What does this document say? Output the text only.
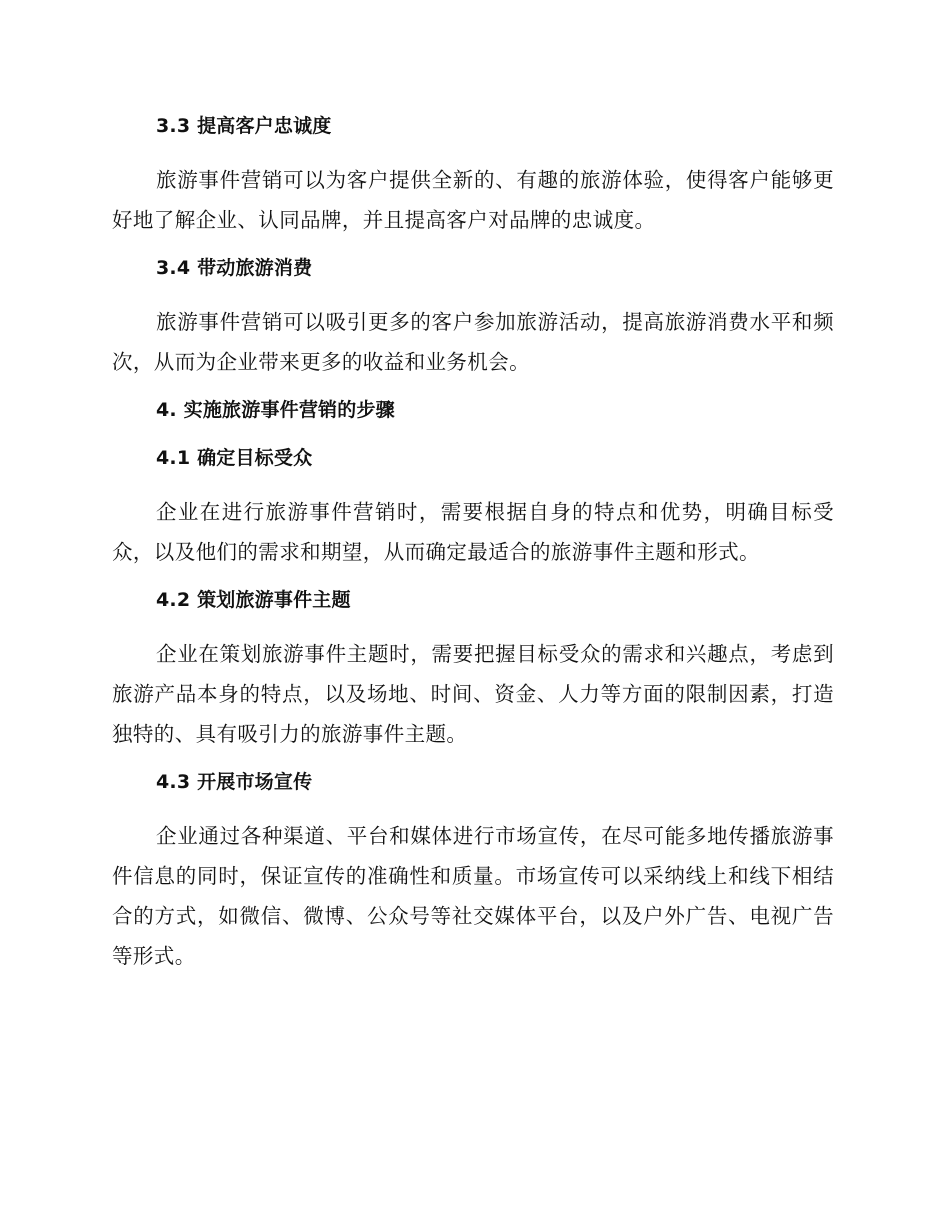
3.3 提高客户忠诚度

旅游事件营销可以为客户提供全新的、有趣的旅游体验，使得客户能够更好地了解企业、认同品牌，并且提高客户对品牌的忠诚度。

3.4 带动旅游消费

旅游事件营销可以吸引更多的客户参加旅游活动，提高旅游消费水平和频次，从而为企业带来更多的收益和业务机会。

4. 实施旅游事件营销的步骤
4.1 确定目标受众

企业在进行旅游事件营销时，需要根据自身的特点和优势，明确目标受众，以及他们的需求和期望，从而确定最适合的旅游事件主题和形式。

4.2 策划旅游事件主题

企业在策划旅游事件主题时，需要把握目标受众的需求和兴趣点，考虑到旅游产品本身的特点，以及场地、时间、资金、人力等方面的限制因素，打造独特的、具有吸引力的旅游事件主题。

4.3 开展市场宣传

企业通过各种渠道、平台和媒体进行市场宣传，在尽可能多地传播旅游事件信息的同时，保证宣传的准确性和质量。市场宣传可以采纳线上和线下相结合的方式，如微信、微博、公众号等社交媒体平台，以及户外广告、电视广告等形式。
